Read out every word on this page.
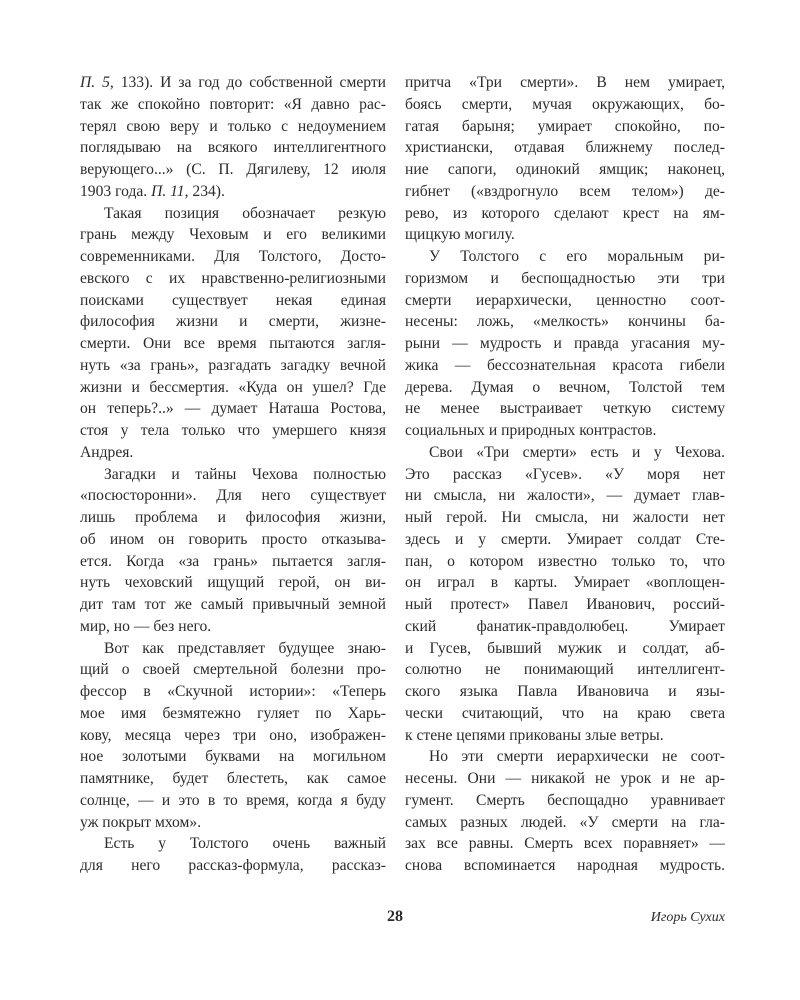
П. 5, 133). И за год до собственной смерти
так же спокойно повторит: «Я давно рас-
терял свою веру и только с недоумением
поглядываю на всякого интеллигентного
верующего...» (С. П. Дягилеву, 12 июля
1903 года. П. 11, 234).
Такая позиция обозначает резкую
грань между Чеховым и его великими
современниками. Для Толстого, Досто-
евского с их нравственно-религиозными
поисками существует некая единая
философия жизни и смерти, жизне-
смерти. Они все время пытаются загля-
нуть «за грань», разгадать загадку вечной
жизни и бессмертия. «Куда он ушел? Где
он теперь?..» — думает Наташа Ростова,
стоя у тела только что умершего князя
Андрея.
Загадки и тайны Чехова полностью
«посюсторонни». Для него существует
лишь проблема и философия жизни,
об ином он говорить просто отказыва-
ется. Когда «за грань» пытается загля-
нуть чеховский ищущий герой, он ви-
дит там тот же самый привычный земной
мир, но — без него.
Вот как представляет будущее знаю-
щий о своей смертельной болезни про-
фессор в «Скучной истории»: «Теперь
мое имя безмятежно гуляет по Харь-
кову, месяца через три оно, изображен-
ное золотыми буквами на могильном
памятнике, будет блестеть, как самое
солнце, — и это в то время, когда я буду
уж покрыт мхом».
Есть у Толстого очень важный
для него рассказ-формула, рассказ-
притча «Три смерти». В нем умирает,
боясь смерти, мучая окружающих, бо-
гатая барыня; умирает спокойно, по-
христиански, отдавая ближнему послед-
ние сапоги, одинокий ямщик; наконец,
гибнет («вздрогнуло всем телом») де-
рево, из которого сделают крест на ям-
щицкую могилу.
У Толстого с его моральным ри-
горизмом и беспощадностью эти три
смерти иерархически, ценностно соот-
несены: ложь, «мелкость» кончины ба-
рыни — мудрость и правда угасания му-
жика — бессознательная красота гибели
дерева. Думая о вечном, Толстой тем
не менее выстраивает четкую систему
социальных и природных контрастов.
Свои «Три смерти» есть и у Чехова.
Это рассказ «Гусев». «У моря нет
ни смысла, ни жалости», — думает глав-
ный герой. Ни смысла, ни жалости нет
здесь и у смерти. Умирает солдат Сте-
пан, о котором известно только то, что
он играл в карты. Умирает «воплощен-
ный протест» Павел Иванович, россий-
ский фанатик-правдолюбец. Умирает
и Гусев, бывший мужик и солдат, аб-
солютно не понимающий интеллигент-
ского языка Павла Ивановича и язы-
чески считающий, что на краю света
к стене цепями прикованы злые ветры.
Но эти смерти иерархически не соот-
несены. Они — никакой не урок и не ар-
гумент. Смерть беспощадно уравнивает
самых разных людей. «У смерти на гла-
зах все равны. Смерть всех поравняет» —
снова вспоминается народная мудрость.
28	Игорь Сухих
